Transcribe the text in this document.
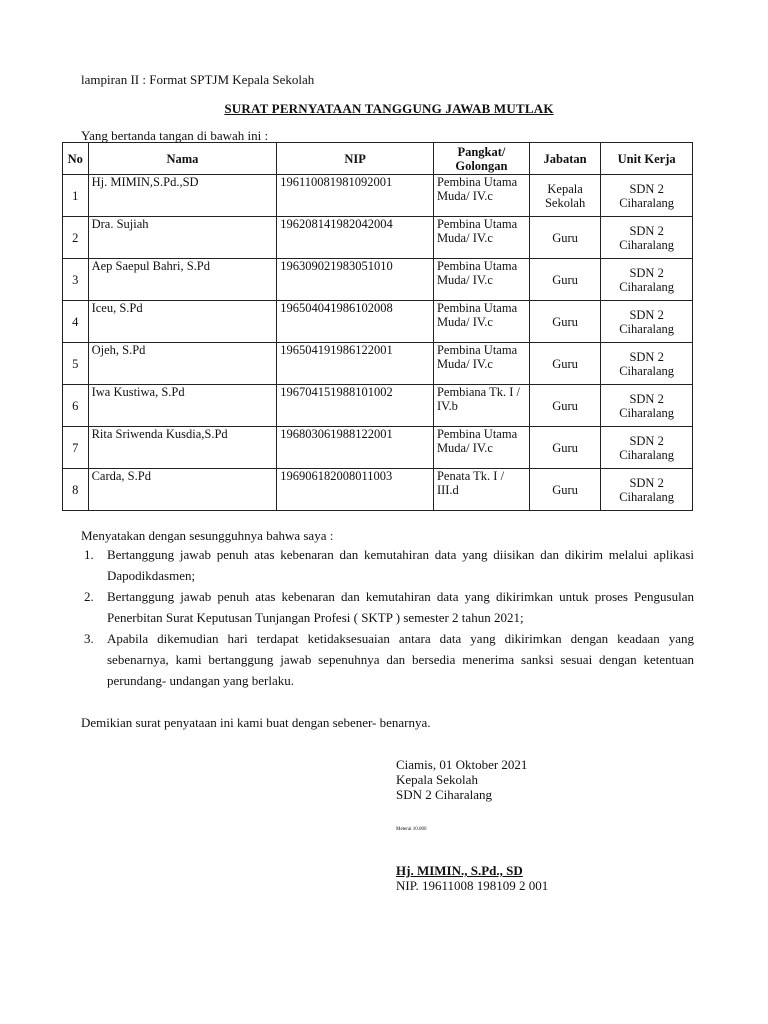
lampiran II : Format SPTJM Kepala Sekolah
SURAT PERNYATAAN TANGGUNG JAWAB MUTLAK
Yang bertanda tangan di bawah ini :
No	Nama	NIP	Pangkat/ Golongan	Jabatan	Unit Kerja
1	Hj. MIMIN,S.Pd.,SD	196110081981092001	Pembina Utama Muda/ IV.c	Kepala Sekolah	SDN 2 Ciharalang
2	Dra. Sujiah	196208141982042004	Pembina Utama Muda/ IV.c	Guru	SDN 2 Ciharalang
3	Aep Saepul Bahri, S.Pd	196309021983051010	Pembina Utama Muda/ IV.c	Guru	SDN 2 Ciharalang
4	Iceu, S.Pd	196504041986102008	Pembina Utama Muda/ IV.c	Guru	SDN 2 Ciharalang
5	Ojeh, S.Pd	196504191986122001	Pembina Utama Muda/ IV.c	Guru	SDN 2 Ciharalang
6	Iwa Kustiwa, S.Pd	196704151988101002	Pembiana Tk. I / IV.b	Guru	SDN 2 Ciharalang
7	Rita Sriwenda Kusdia,S.Pd	196803061988122001	Pembina Utama Muda/ IV.c	Guru	SDN 2 Ciharalang
8	Carda, S.Pd	196906182008011003	Penata Tk. I / III.d	Guru	SDN 2 Ciharalang
Menyatakan dengan sesungguhnya bahwa saya :
1. Bertanggung jawab penuh atas kebenaran dan kemutahiran data yang diisikan dan dikirim melalui aplikasi Dapodikdasmen;
2. Bertanggung jawab penuh atas kebenaran dan kemutahiran data yang dikirimkan untuk proses Pengusulan Penerbitan Surat Keputusan Tunjangan Profesi ( SKTP ) semester 2 tahun 2021;
3. Apabila dikemudian hari terdapat ketidaksesuaian antara data yang dikirimkan dengan keadaan yang sebenarnya, kami bertanggung jawab sepenuhnya dan bersedia menerima sanksi sesuai dengan ketentuan perundang- undangan yang berlaku.
Demikian surat penyataan ini kami buat dengan sebener- benarnya.
Ciamis, 01 Oktober 2021
Kepala Sekolah
SDN 2 Ciharalang
Meterai 10.000
Hj. MIMIN., S.Pd., SD
NIP. 19611008 198109 2 001
